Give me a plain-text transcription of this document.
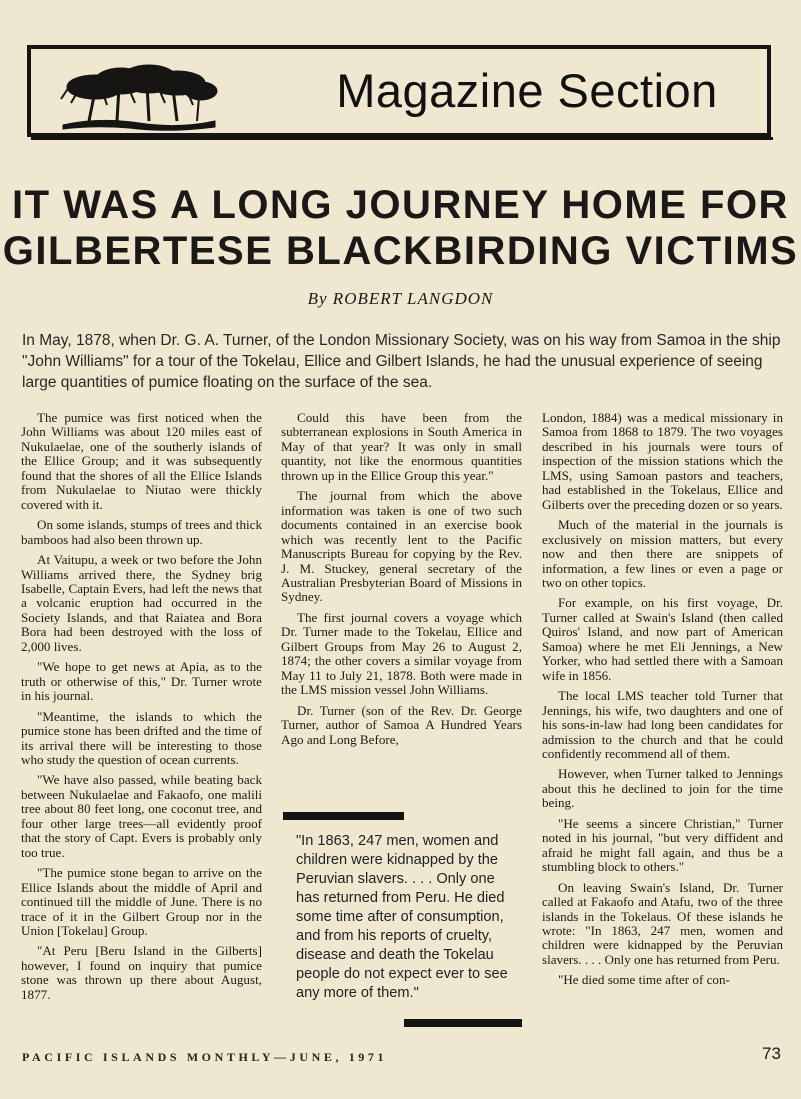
Magazine Section
IT WAS A LONG JOURNEY HOME FOR
GILBERTESE BLACKBIRDING VICTIMS
By ROBERT LANGDON
In May, 1878, when Dr. G. A. Turner, of the London Missionary Society, was on his way from Samoa in the ship "John Williams" for a tour of the Tokelau, Ellice and Gilbert Islands, he had the unusual experience of seeing large quantities of pumice floating on the surface of the sea.

The pumice was first noticed when the John Williams was about 120 miles east of Nukulaelae, one of the southerly islands of the Ellice Group; and it was subsequently found that the shores of all the Ellice Islands from Nukulaelae to Niutao were thickly covered with it.

On some islands, stumps of trees and thick bamboos had also been thrown up.

At Vaitupu, a week or two before the John Williams arrived there, the Sydney brig Isabelle, Captain Evers, had left the news that a volcanic eruption had occurred in the Society Islands, and that Raiatea and Bora Bora had been destroyed with the loss of 2,000 lives.

"We hope to get news at Apia, as to the truth or otherwise of this," Dr. Turner wrote in his journal.

"Meantime, the islands to which the pumice stone has been drifted and the time of its arrival there will be interesting to those who study the question of ocean currents.

"We have also passed, while beating back between Nukulaelae and Fakaofo, one malili tree about 80 feet long, one coconut tree, and four other large trees—all evidently proof that the story of Capt. Evers is probably only too true.

"The pumice stone began to arrive on the Ellice Islands about the middle of April and continued till the middle of June. There is no trace of it in the Gilbert Group nor in the Union [Tokelau] Group.

"At Peru [Beru Island in the Gilberts] however, I found on inquiry that pumice stone was thrown up there about August, 1877.

Could this have been from the subterranean explosions in South America in May of that year? It was only in small quantity, not like the enormous quantities thrown up in the Ellice Group this year."

The journal from which the above information was taken is one of two such documents contained in an exercise book which was recently lent to the Pacific Manuscripts Bureau for copying by the Rev. J. M. Stuckey, general secretary of the Australian Presbyterian Board of Missions in Sydney.

The first journal covers a voyage which Dr. Turner made to the Tokelau, Ellice and Gilbert Groups from May 26 to August 2, 1874; the other covers a similar voyage from May 11 to July 21, 1878. Both were made in the LMS mission vessel John Williams.

Dr. Turner (son of the Rev. Dr. George Turner, author of Samoa A Hundred Years Ago and Long Before,

"In 1863, 247 men, women and children were kidnapped by the Peruvian slavers. . . . Only one has returned from Peru. He died some time after of consumption, and from his reports of cruelty, disease and death the Tokelau people do not expect ever to see any more of them."

London, 1884) was a medical missionary in Samoa from 1868 to 1879. The two voyages described in his journals were tours of inspection of the mission stations which the LMS, using Samoan pastors and teachers, had established in the Tokelaus, Ellice and Gilberts over the preceding dozen or so years.

Much of the material in the journals is exclusively on mission matters, but every now and then there are snippets of information, a few lines or even a page or two on other topics.

For example, on his first voyage, Dr. Turner called at Swain's Island (then called Quiros' Island, and now part of American Samoa) where he met Eli Jennings, a New Yorker, who had settled there with a Samoan wife in 1856.

The local LMS teacher told Turner that Jennings, his wife, two daughters and one of his sons-in-law had long been candidates for admission to the church and that he could confidently recommend all of them.

However, when Turner talked to Jennings about this he declined to join for the time being.

"He seems a sincere Christian," Turner noted in his journal, "but very diffident and afraid he might fall again, and thus be a stumbling block to others."

On leaving Swain's Island, Dr. Turner called at Fakaofo and Atafu, two of the three islands in the Tokelaus. Of these islands he wrote: "In 1863, 247 men, women and children were kidnapped by the Peruvian slavers. . . . Only one has returned from Peru.

"He died some time after of con-

PACIFIC ISLANDS MONTHLY—JUNE, 1971	73
